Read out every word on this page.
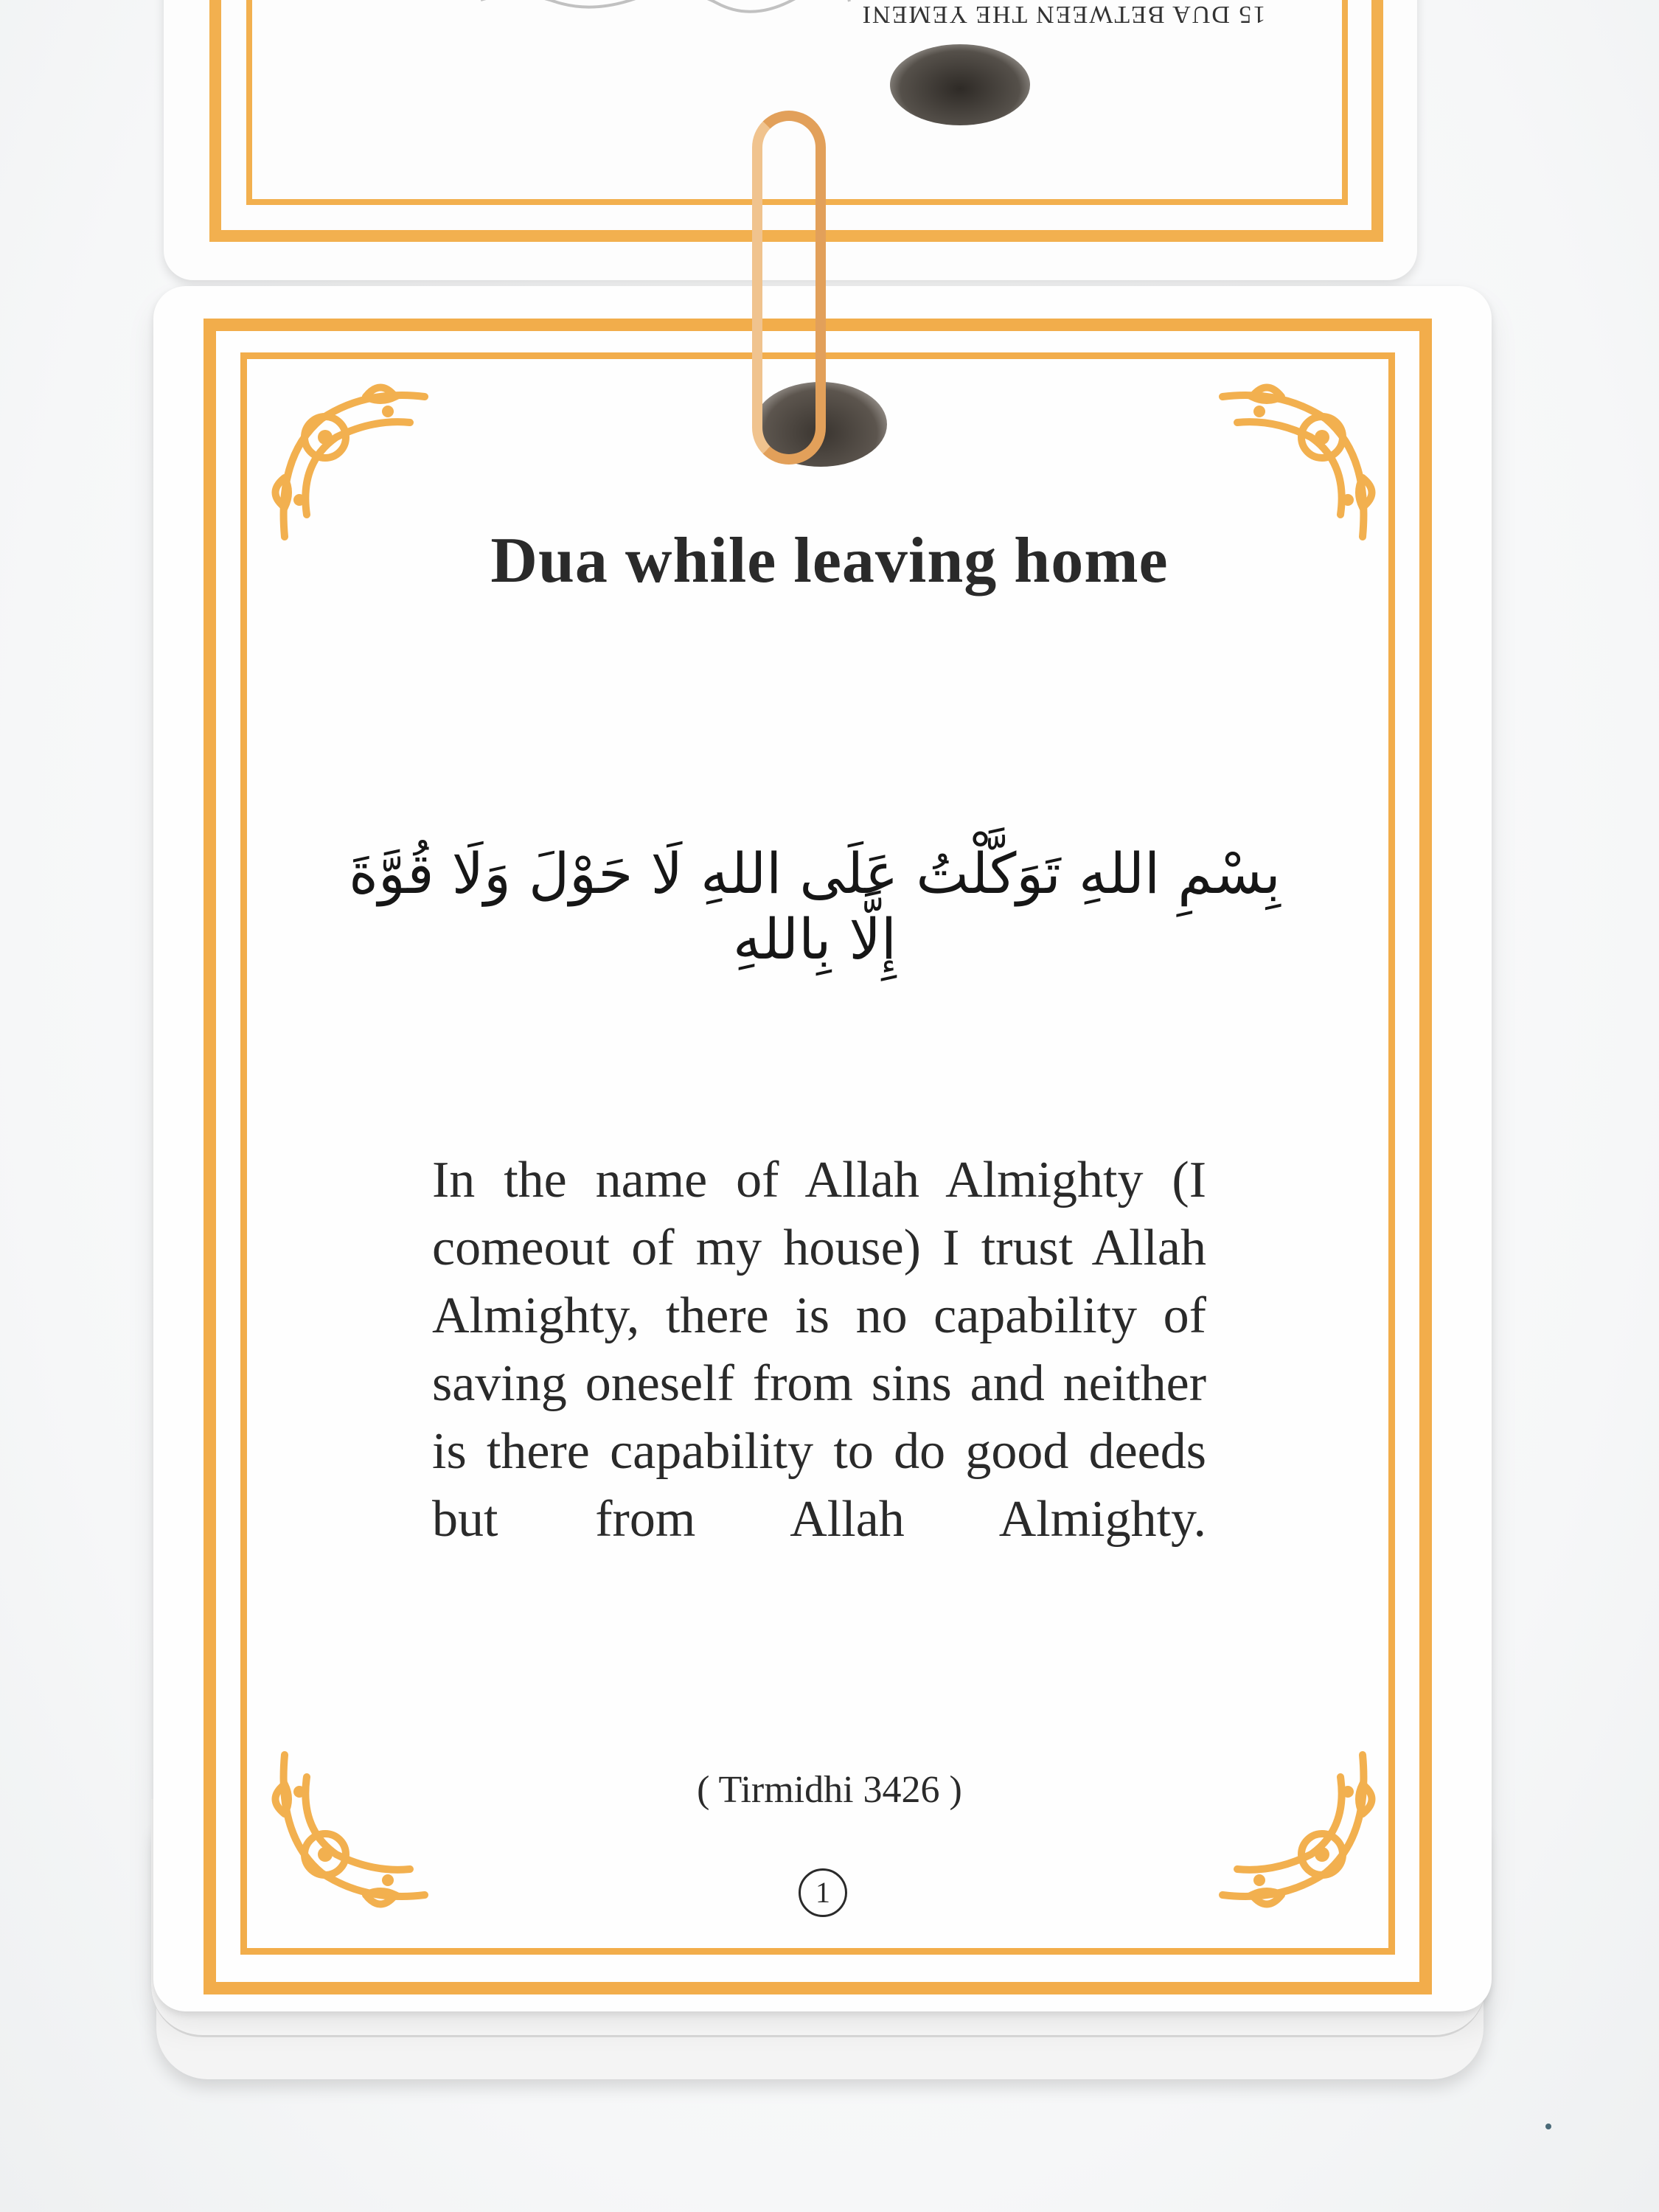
15 DUA BETWEEN THE YEMENI
Dua while leaving home
بِسْمِ اللهِ تَوَكَّلْتُ عَلَى اللهِ لَا حَوْلَ وَلَا قُوَّةَ إِلَّا بِاللهِ
In the name of Allah Almighty (I comeout of my house) I trust Allah Almighty, there is no capability of saving oneself from sins and neither is there capability to do good deeds but from Allah Almighty.
( Tirmidhi 3426 )
1
